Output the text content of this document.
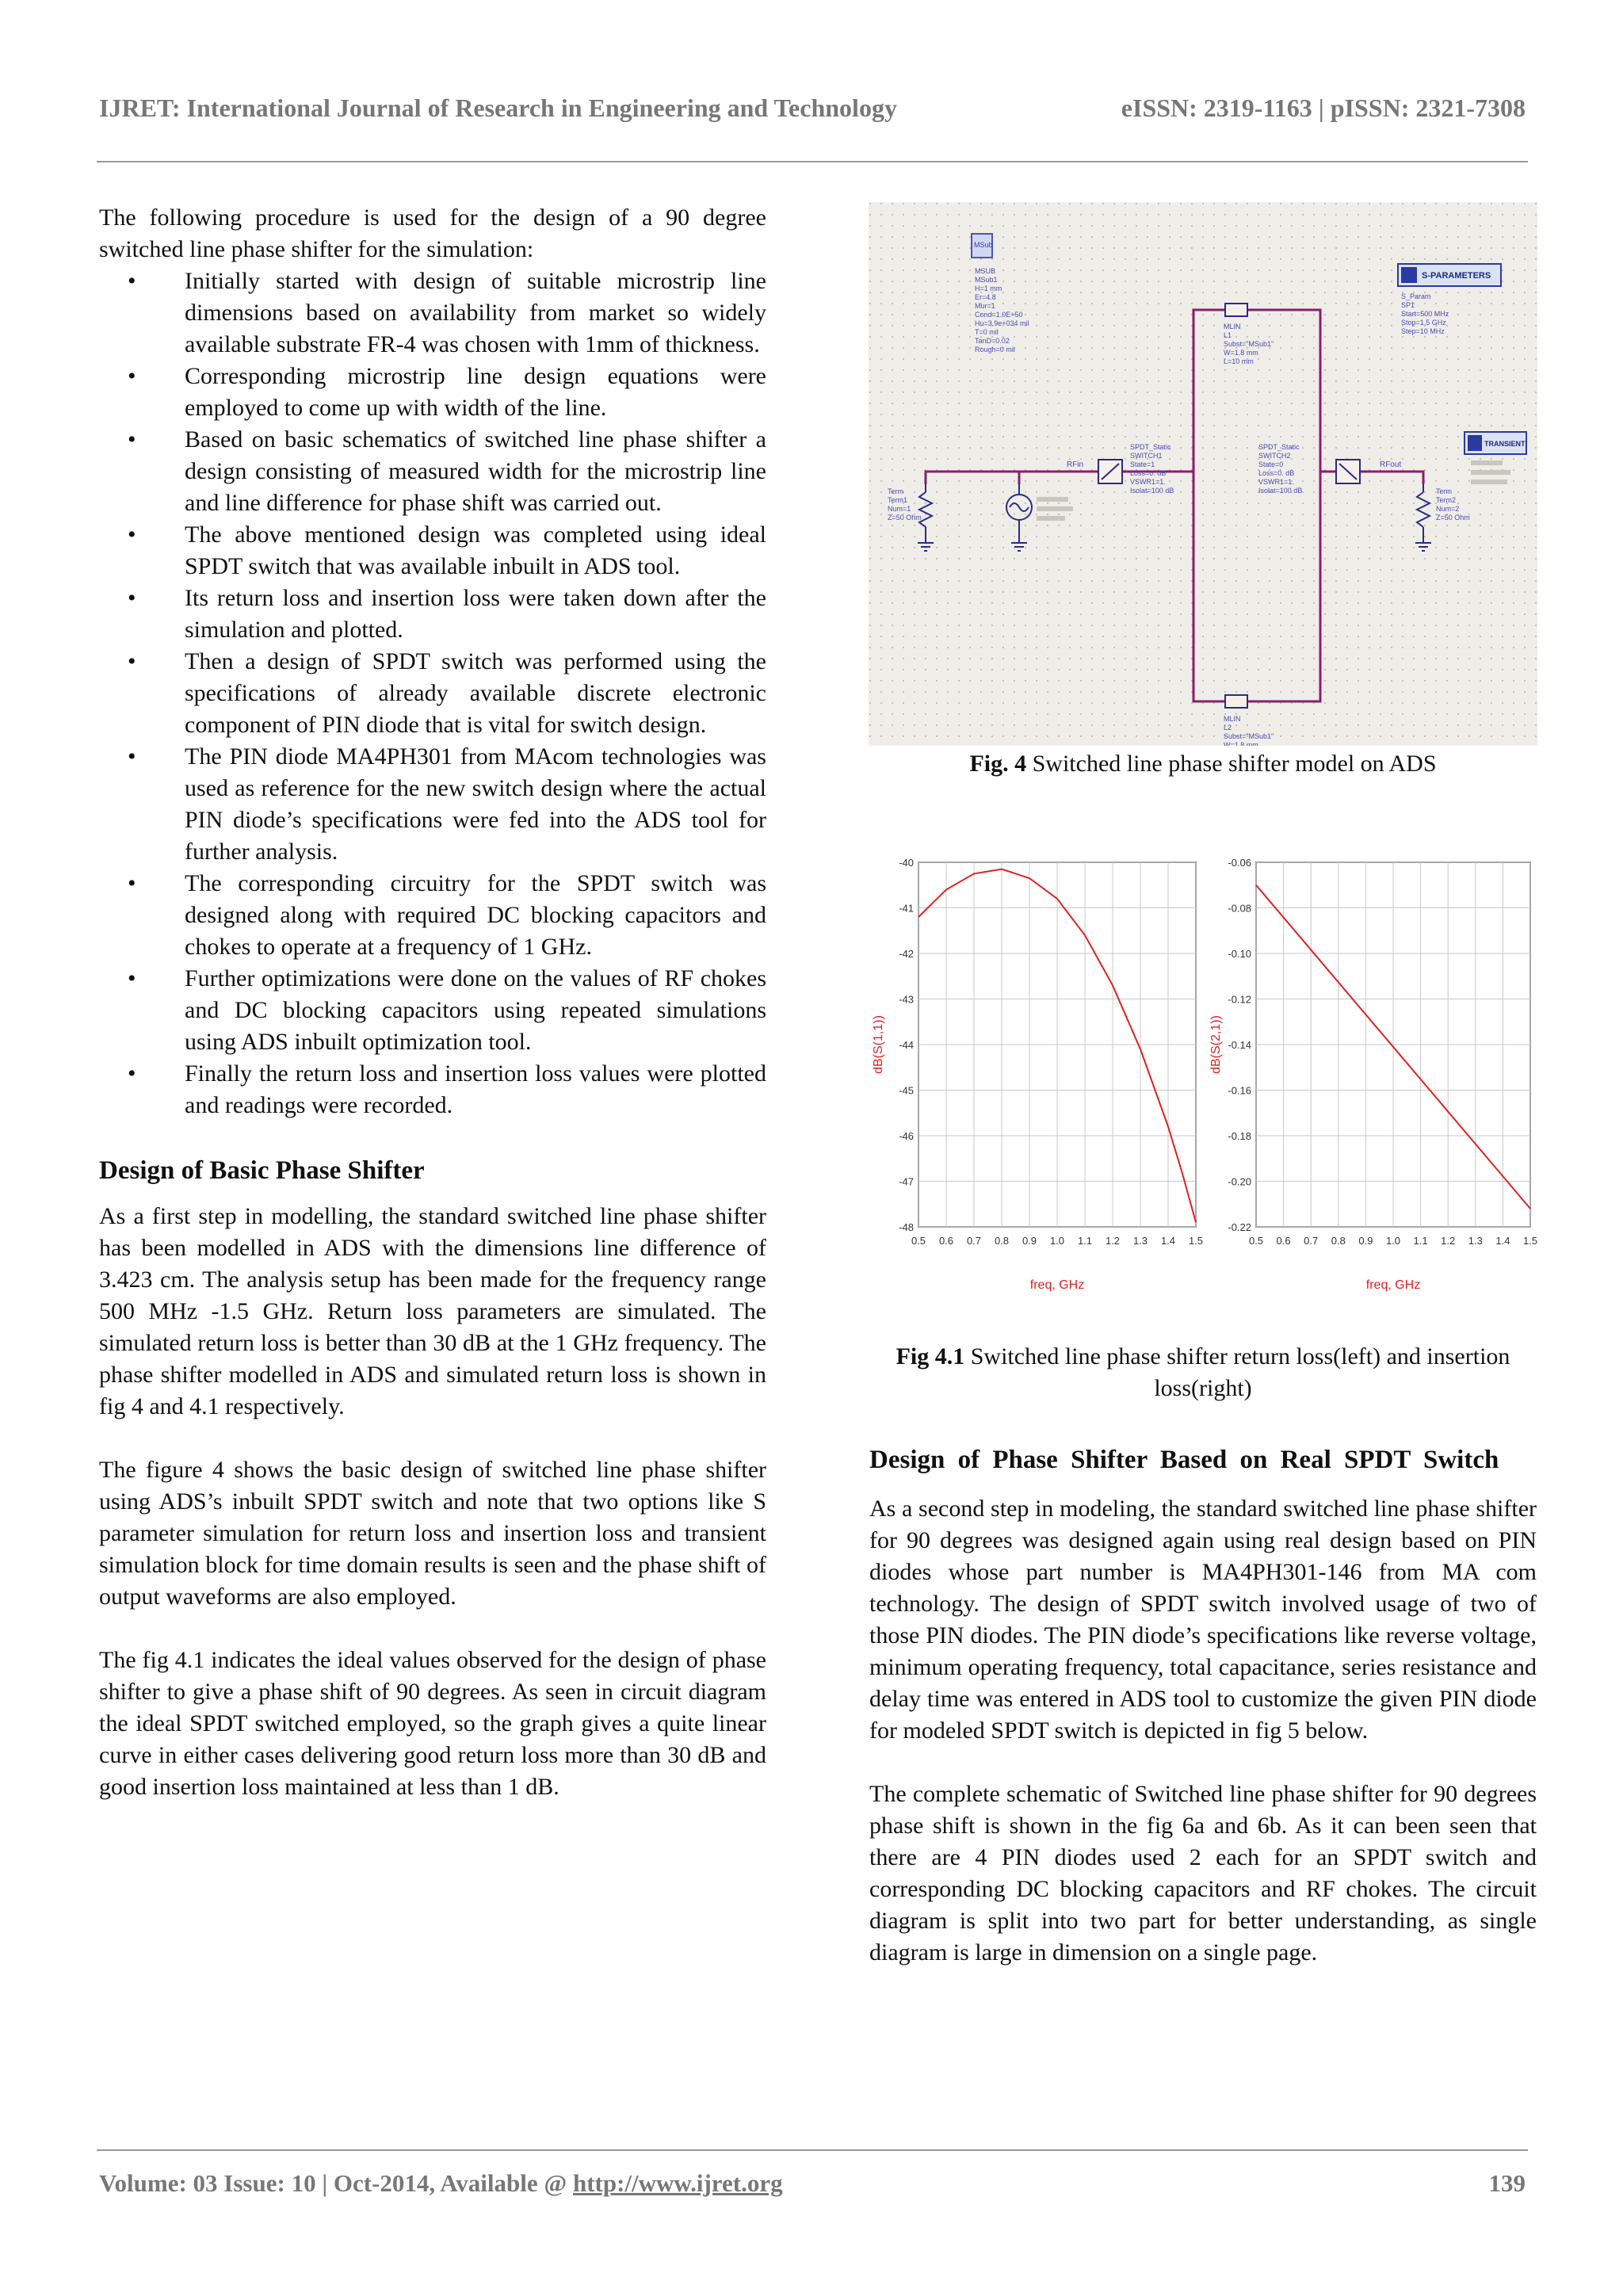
IJRET: International Journal of Research in Engineering and Technology	eISSN: 2319-1163 | pISSN: 2321-7308

The following procedure is used for the design of a 90 degree switched line phase shifter for the simulation:

• Initially started with design of suitable microstrip line dimensions based on availability from market so widely available substrate FR-4 was chosen with 1mm of thickness.
• Corresponding microstrip line design equations were employed to come up with width of the line.
• Based on basic schematics of switched line phase shifter a design consisting of measured width for the microstrip line and line difference for phase shift was carried out.
• The above mentioned design was completed using ideal SPDT switch that was available inbuilt in ADS tool.
• Its return loss and insertion loss were taken down after the simulation and plotted.
• Then a design of SPDT switch was performed using the specifications of already available discrete electronic component of PIN diode that is vital for switch design.
• The PIN diode MA4PH301 from MAcom technologies was used as reference for the new switch design where the actual PIN diode’s specifications were fed into the ADS tool for further analysis.
• The corresponding circuitry for the SPDT switch was designed along with required DC blocking capacitors and chokes to operate at a frequency of 1 GHz.
• Further optimizations were done on the values of RF chokes and DC blocking capacitors using repeated simulations using ADS inbuilt optimization tool.
• Finally the return loss and insertion loss values were plotted and readings were recorded.
Design of Basic Phase Shifter

As a first step in modelling, the standard switched line phase shifter has been modelled in ADS with the dimensions line difference of 3.423 cm. The analysis setup has been made for the frequency range 500 MHz -1.5 GHz. Return loss parameters are simulated. The simulated return loss is better than 30 dB at the 1 GHz frequency. The phase shifter modelled in ADS and simulated return loss is shown in fig 4 and 4.1 respectively.

The figure 4 shows the basic design of switched line phase shifter using ADS’s inbuilt SPDT switch and note that two options like S parameter simulation for return loss and insertion loss and transient simulation block for time domain results is seen and the phase shift of output waveforms are also employed.

The fig 4.1 indicates the ideal values observed for the design of phase shifter to give a phase shift of 90 degrees. As seen in circuit diagram the ideal SPDT switched employed, so the graph gives a quite linear curve in either cases delivering good return loss more than 30 dB and good insertion loss maintained at less than 1 dB.

MSub
MSUB
MSub1
H=1 mm
Er=4.8
Mur=1
Cond=1.0E+50
Hu=3.9e+034 mil
T=0 mil
TanD=0.02
Rough=0 mil
S-PARAMETERS
S_Param
SP1
Start=500 MHz
Stop=1.5 GHz
Step=10 MHz
TRANSIENT
MLIN
L1
Subst="MSub1"
W=1.8 mm
L=10 mm
MLIN
L2
Subst="MSub1"
W=1.8 mm
SPDT_Static
SWITCH1
State=1
Loss=0. dB
VSWR1=1.
Isolat=100 dB
SPDT_Static
SWITCH2
State=0
Loss=0. dB
VSWR1=1.
Isolat=100 dB
RFin	RFout
Term
Term1
Num=1
Z=50 Ohm
Term
Term2
Num=2
Z=50 Ohm
Fig. 4 Switched line phase shifter model on ADS
0.5 0.6 0.7 0.8 0.9 1.0 1.1 1.2 1.3 1.4 1.5
-40
-41
-42
-43
-44
-45
-46
-47
-48
freq, GHz
dB(S(1,1))
0.5 0.6 0.7 0.8 0.9 1.0 1.1 1.2 1.3 1.4 1.5
-0.06
-0.08
-0.10
-0.12
-0.14
-0.16
-0.18
-0.20
-0.22
freq, GHz
dB(S(2,1))
Fig 4.1 Switched line phase shifter return loss(left) and insertion loss(right)
Design of Phase Shifter Based on Real SPDT Switch

As a second step in modeling, the standard switched line phase shifter for 90 degrees was designed again using real design based on PIN diodes whose part number is MA4PH301-146 from MA com technology. The design of SPDT switch involved usage of two of those PIN diodes. The PIN diode’s specifications like reverse voltage, minimum operating frequency, total capacitance, series resistance and delay time was entered in ADS tool to customize the given PIN diode for modeled SPDT switch is depicted in fig 5 below.

The complete schematic of Switched line phase shifter for 90 degrees phase shift is shown in the fig 6a and 6b. As it can been seen that there are 4 PIN diodes used 2 each for an SPDT switch and corresponding DC blocking capacitors and RF chokes. The circuit diagram is split into two part for better understanding, as single diagram is large in dimension on a single page.

Volume: 03 Issue: 10 | Oct-2014, Available @ http://www.ijret.org	139
